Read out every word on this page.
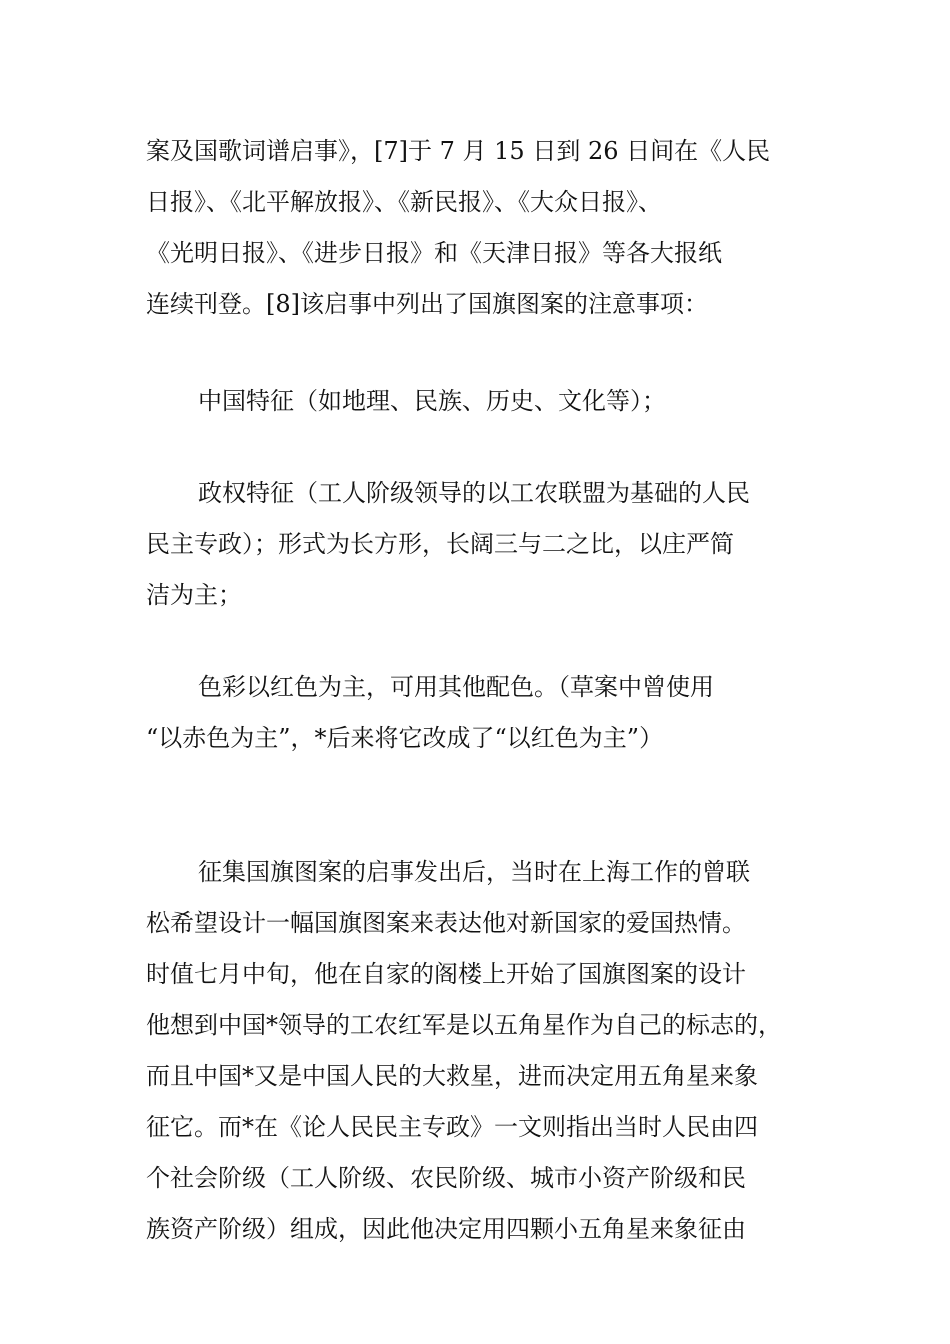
案及国歌词谱启事》，[7]于 7 月 15 日到 26 日间在《人民
日报》、《北平解放报》、《新民报》、《大众日报》、
《光明日报》、《进步日报》和《天津日报》等各大报纸
连续刊登。[8]该启事中列出了国旗图案的注意事项：
中国特征（如地理、民族、历史、文化等）；
政权特征（工人阶级领导的以工农联盟为基础的人民
民主专政）；形式为长方形，长阔三与二之比，以庄严简
洁为主；
色彩以红色为主，可用其他配色。（草案中曾使用
“以赤色为主”，*后来将它改成了“以红色为主”）
征集国旗图案的启事发出后，当时在上海工作的曾联
松希望设计一幅国旗图案来表达他对新国家的爱国热情。
时值七月中旬，他在自家的阁楼上开始了国旗图案的设计
他想到中国*领导的工农红军是以五角星作为自己的标志的，
而且中国*又是中国人民的大救星，进而决定用五角星来象
征它。而*在《论人民民主专政》一文则指出当时人民由四
个社会阶级（工人阶级、农民阶级、城市小资产阶级和民
族资产阶级）组成，因此他决定用四颗小五角星来象征由
